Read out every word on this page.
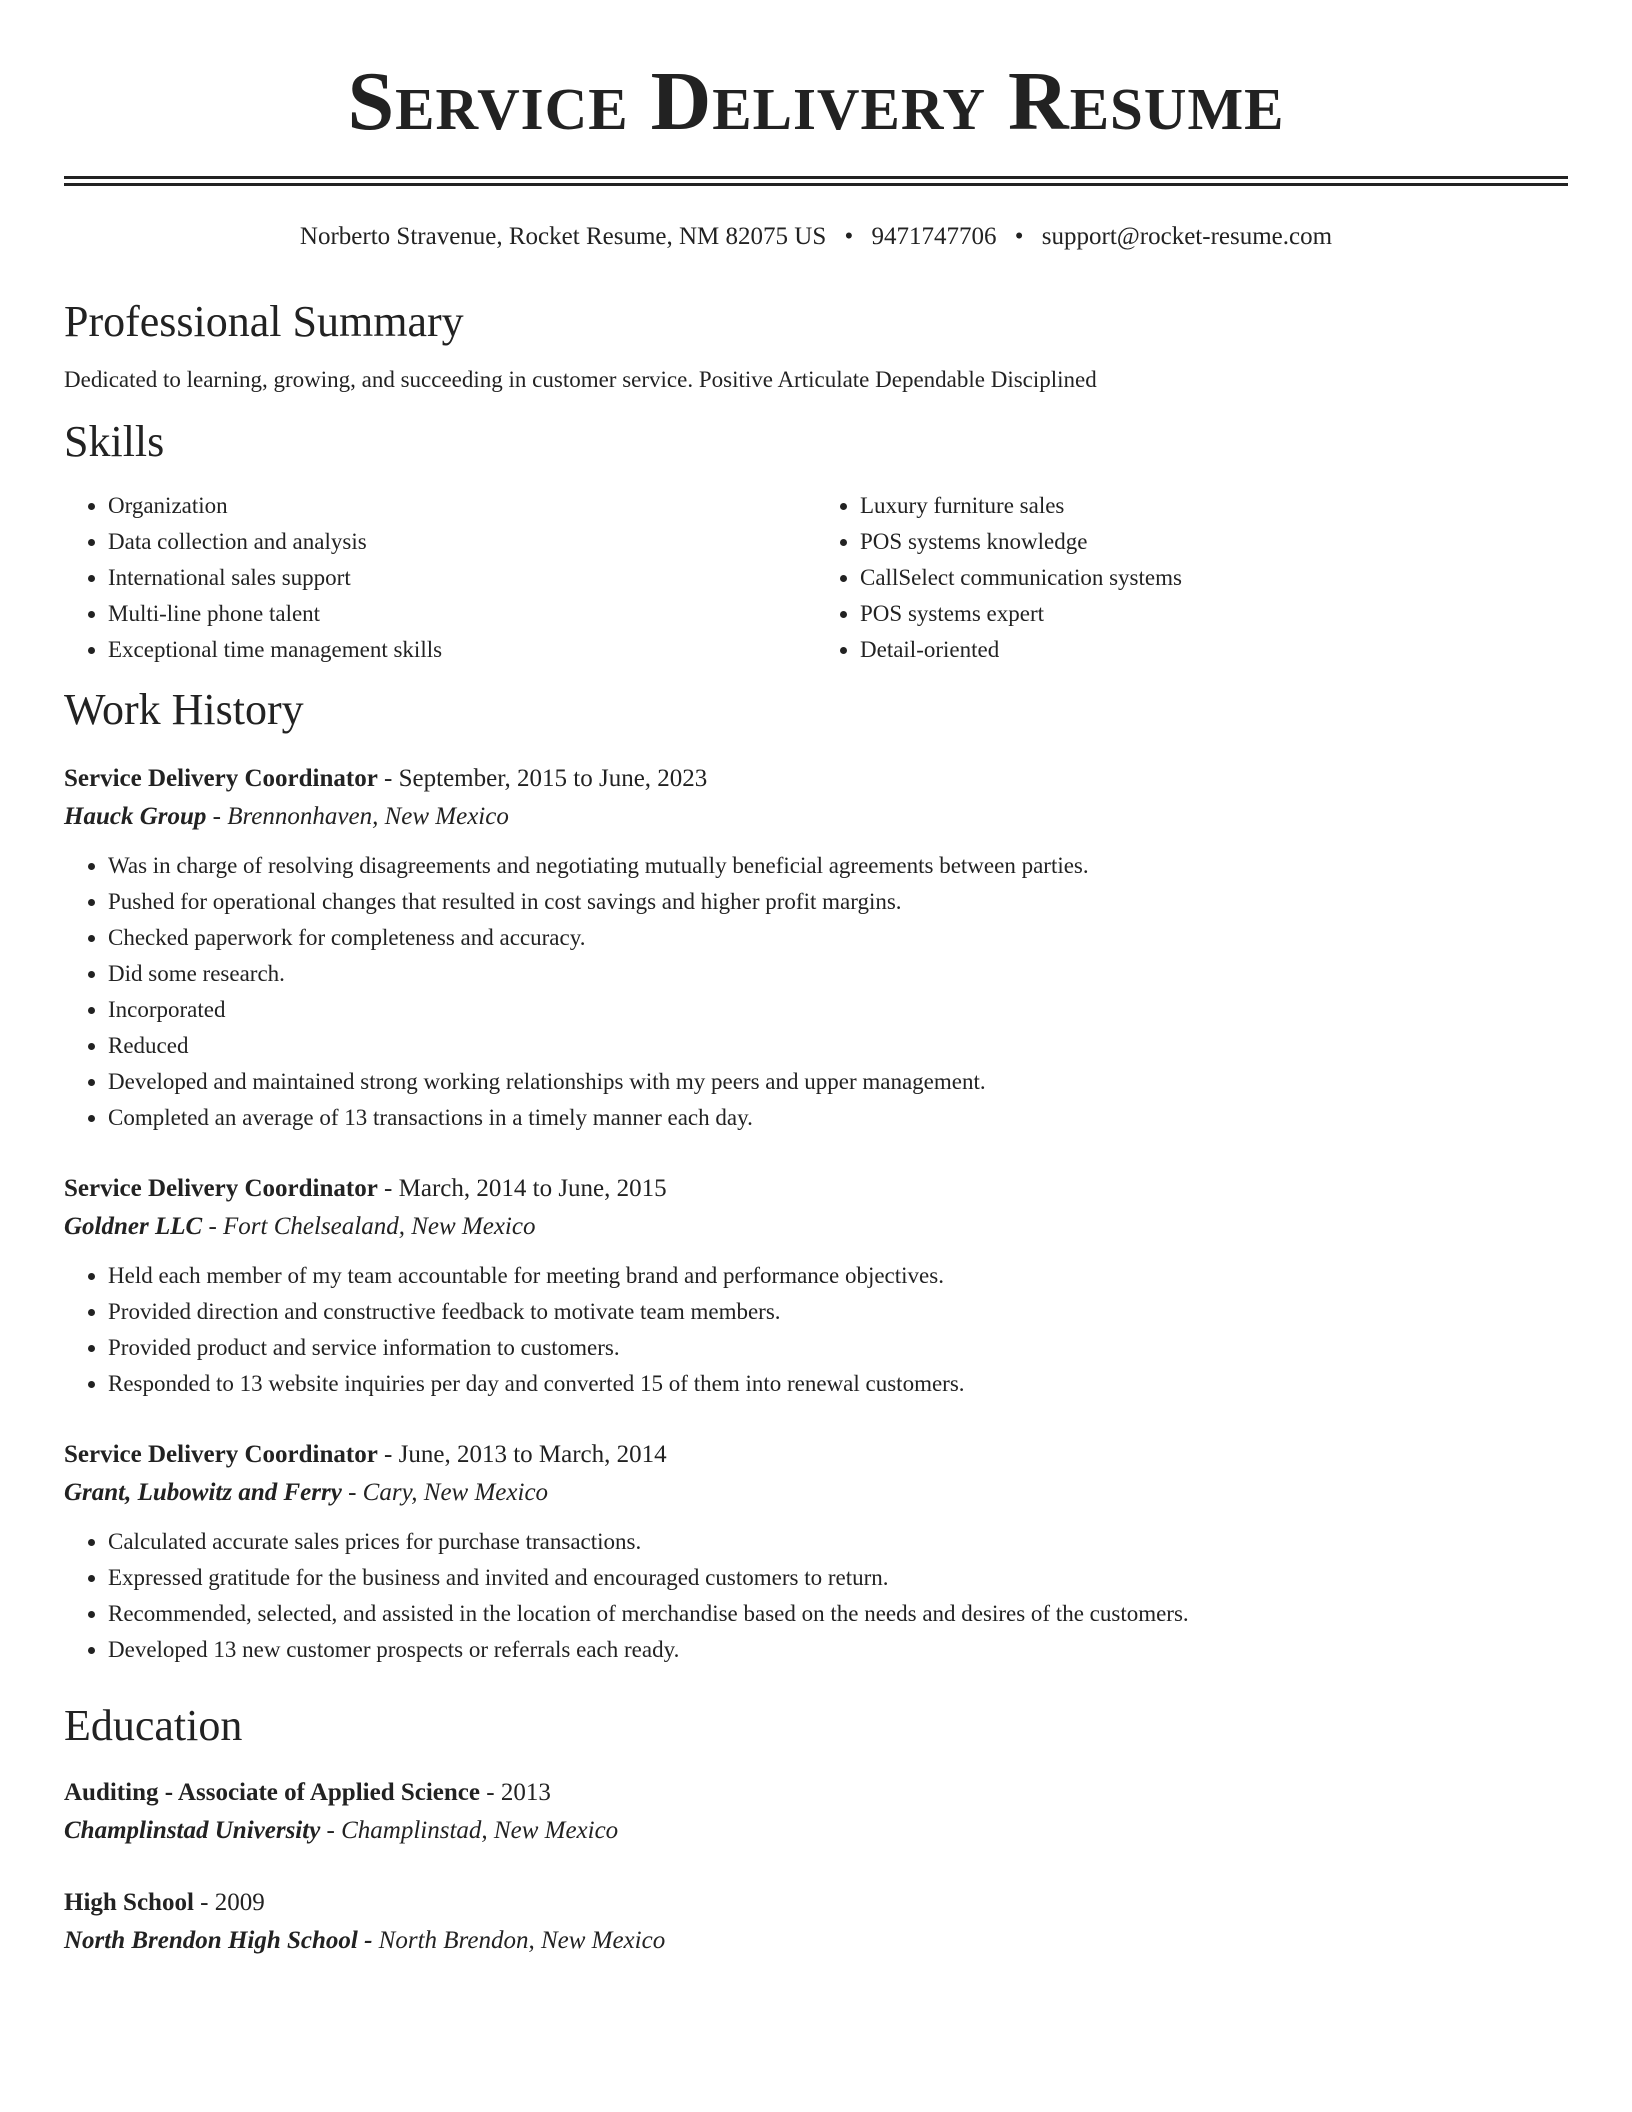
Service Delivery Resume
Norberto Stravenue, Rocket Resume, NM 82075 US • 9471747706 • support@rocket-resume.com
Professional Summary
Dedicated to learning, growing, and succeeding in customer service. Positive Articulate Dependable Disciplined
Skills
• Organization
• Data collection and analysis
• International sales support
• Multi-line phone talent
• Exceptional time management skills
• Luxury furniture sales
• POS systems knowledge
• CallSelect communication systems
• POS systems expert
• Detail-oriented
Work History
Service Delivery Coordinator - September, 2015 to June, 2023
Hauck Group - Brennonhaven, New Mexico
• Was in charge of resolving disagreements and negotiating mutually beneficial agreements between parties.
• Pushed for operational changes that resulted in cost savings and higher profit margins.
• Checked paperwork for completeness and accuracy.
• Did some research.
• Incorporated
• Reduced
• Developed and maintained strong working relationships with my peers and upper management.
• Completed an average of 13 transactions in a timely manner each day.
Service Delivery Coordinator - March, 2014 to June, 2015
Goldner LLC - Fort Chelsealand, New Mexico
• Held each member of my team accountable for meeting brand and performance objectives.
• Provided direction and constructive feedback to motivate team members.
• Provided product and service information to customers.
• Responded to 13 website inquiries per day and converted 15 of them into renewal customers.
Service Delivery Coordinator - June, 2013 to March, 2014
Grant, Lubowitz and Ferry - Cary, New Mexico
• Calculated accurate sales prices for purchase transactions.
• Expressed gratitude for the business and invited and encouraged customers to return.
• Recommended, selected, and assisted in the location of merchandise based on the needs and desires of the customers.
• Developed 13 new customer prospects or referrals each ready.
Education
Auditing - Associate of Applied Science - 2013
Champlinstad University - Champlinstad, New Mexico
High School - 2009
North Brendon High School - North Brendon, New Mexico
